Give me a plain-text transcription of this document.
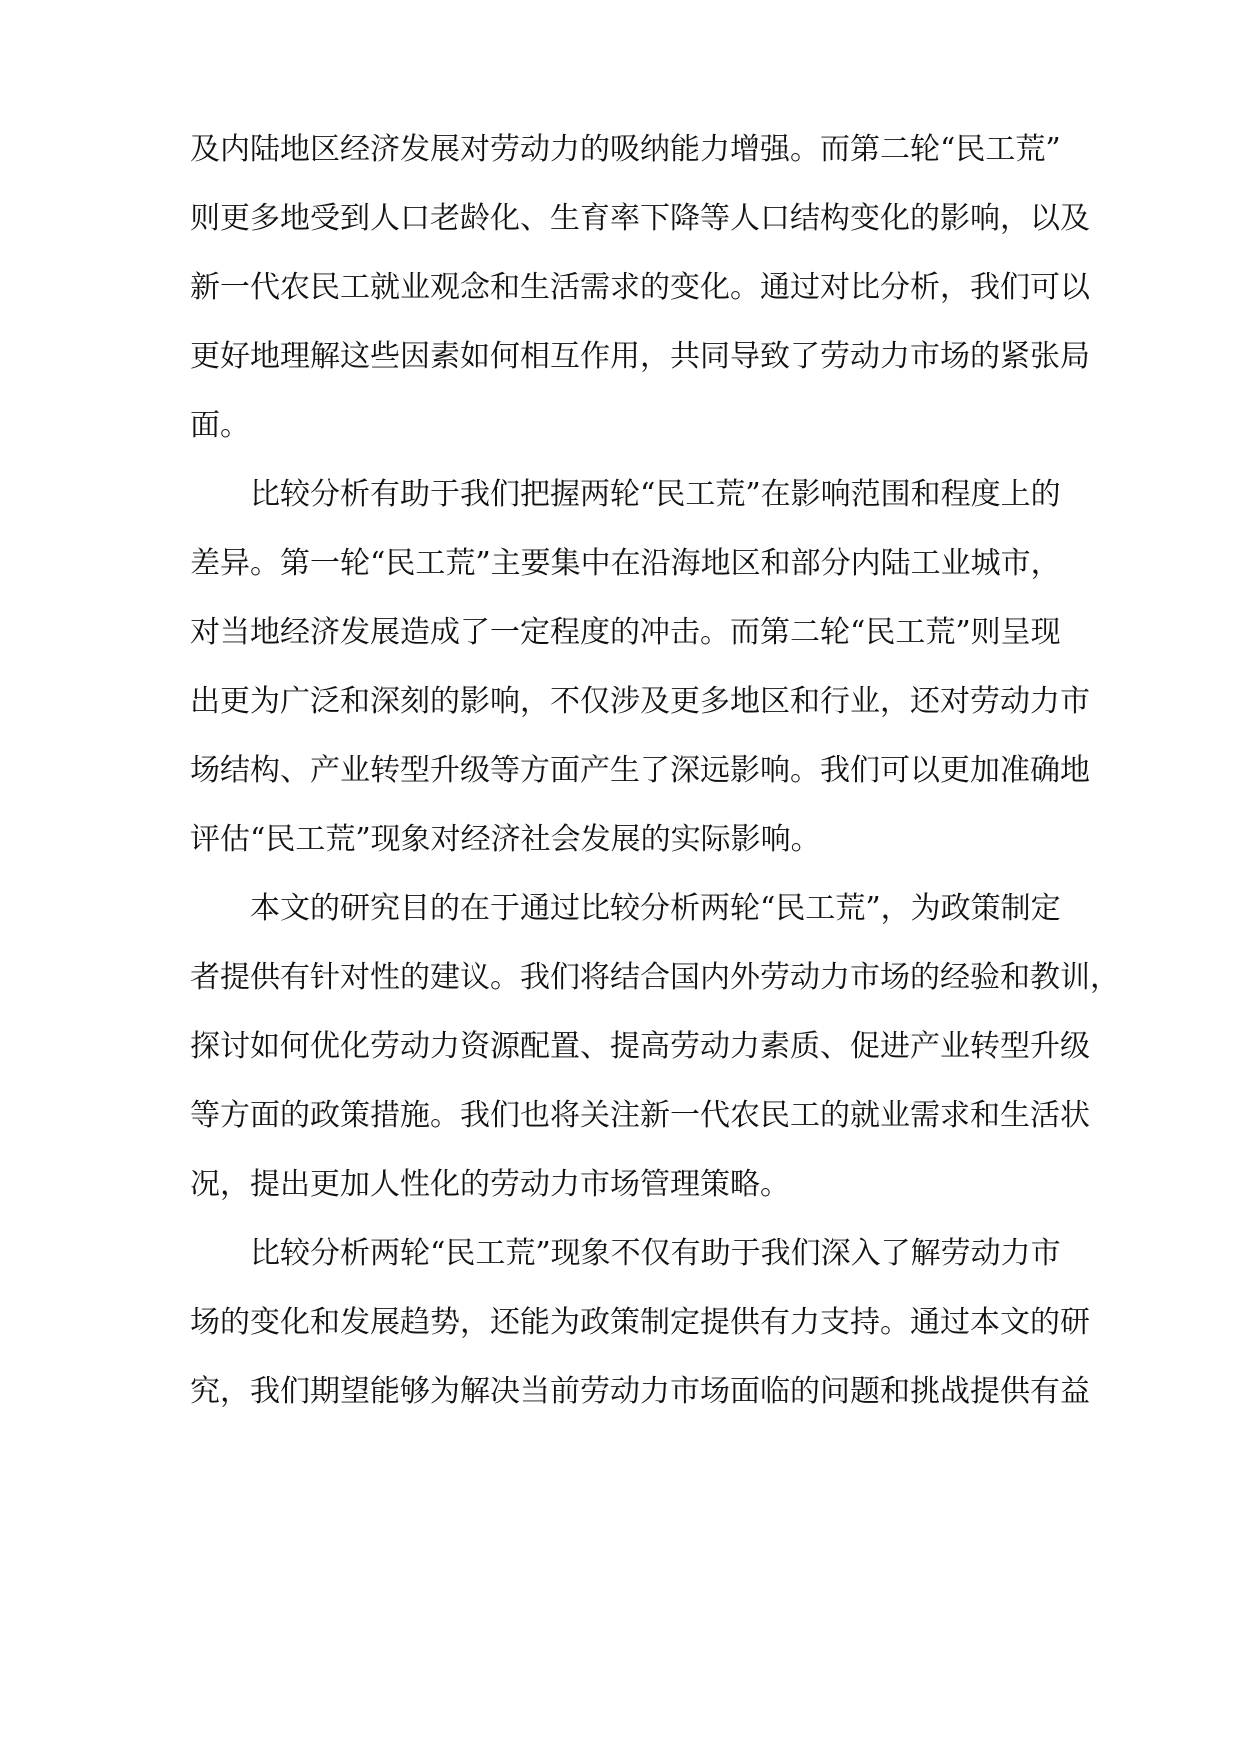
及内陆地区经济发展对劳动力的吸纳能力增强。而第二轮“民工荒”
则更多地受到人口老龄化、生育率下降等人口结构变化的影响，以及
新一代农民工就业观念和生活需求的变化。通过对比分析，我们可以
更好地理解这些因素如何相互作用，共同导致了劳动力市场的紧张局
面。
比较分析有助于我们把握两轮“民工荒”在影响范围和程度上的
差异。第一轮“民工荒”主要集中在沿海地区和部分内陆工业城市，
对当地经济发展造成了一定程度的冲击。而第二轮“民工荒”则呈现
出更为广泛和深刻的影响，不仅涉及更多地区和行业，还对劳动力市
场结构、产业转型升级等方面产生了深远影响。我们可以更加准确地
评估“民工荒”现象对经济社会发展的实际影响。
本文的研究目的在于通过比较分析两轮“民工荒”，为政策制定
者提供有针对性的建议。我们将结合国内外劳动力市场的经验和教训，
探讨如何优化劳动力资源配置、提高劳动力素质、促进产业转型升级
等方面的政策措施。我们也将关注新一代农民工的就业需求和生活状
况，提出更加人性化的劳动力市场管理策略。
比较分析两轮“民工荒”现象不仅有助于我们深入了解劳动力市
场的变化和发展趋势，还能为政策制定提供有力支持。通过本文的研
究，我们期望能够为解决当前劳动力市场面临的问题和挑战提供有益
